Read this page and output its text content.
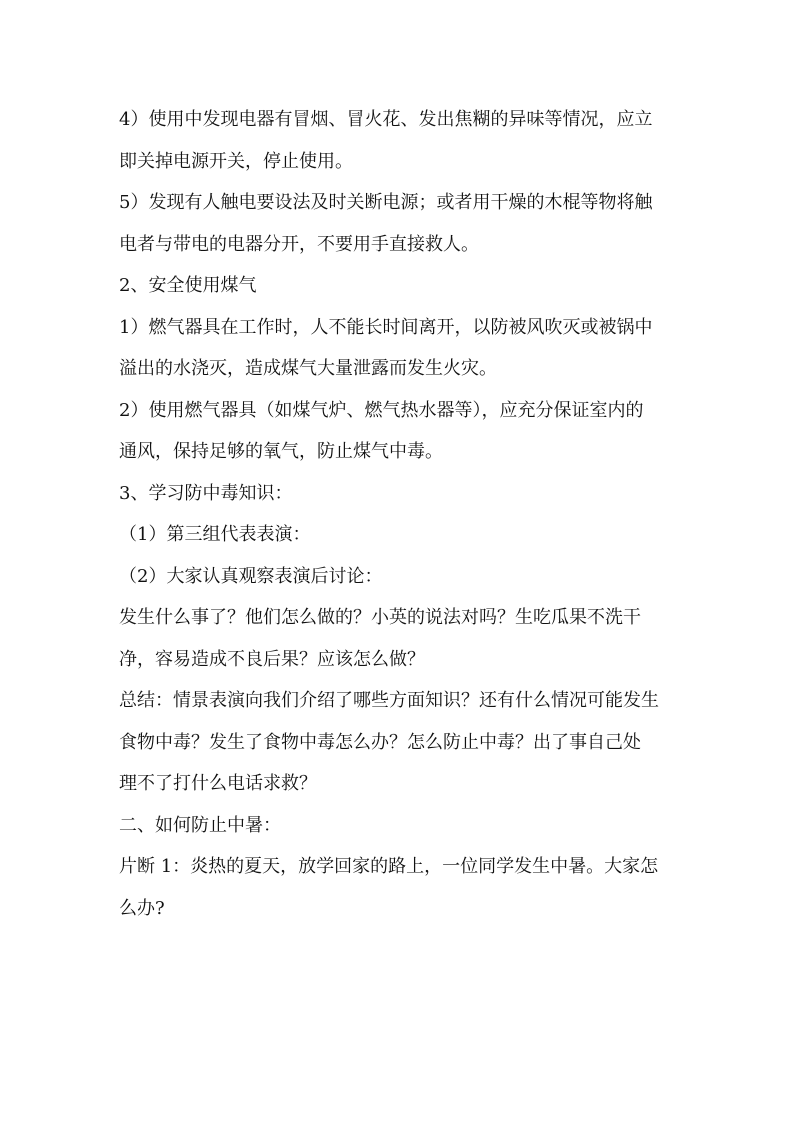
4）使用中发现电器有冒烟、冒火花、发出焦糊的异味等情况，应立
即关掉电源开关，停止使用。
5）发现有人触电要设法及时关断电源；或者用干燥的木棍等物将触
电者与带电的电器分开，不要用手直接救人。
2、安全使用煤气
1）燃气器具在工作时，人不能长时间离开，以防被风吹灭或被锅中
溢出的水浇灭，造成煤气大量泄露而发生火灾。
2）使用燃气器具（如煤气炉、燃气热水器等），应充分保证室内的
通风，保持足够的氧气，防止煤气中毒。
3、学习防中毒知识：
（1）第三组代表表演：
（2）大家认真观察表演后讨论：
发生什么事了？他们怎么做的？小英的说法对吗？生吃瓜果不洗干
净，容易造成不良后果？应该怎么做？
总结：情景表演向我们介绍了哪些方面知识？还有什么情况可能发生
食物中毒？发生了食物中毒怎么办？怎么防止中毒？出了事自己处
理不了打什么电话求救？
二、如何防止中暑：
片断 1：炎热的夏天，放学回家的路上，一位同学发生中暑。大家怎
么办?
